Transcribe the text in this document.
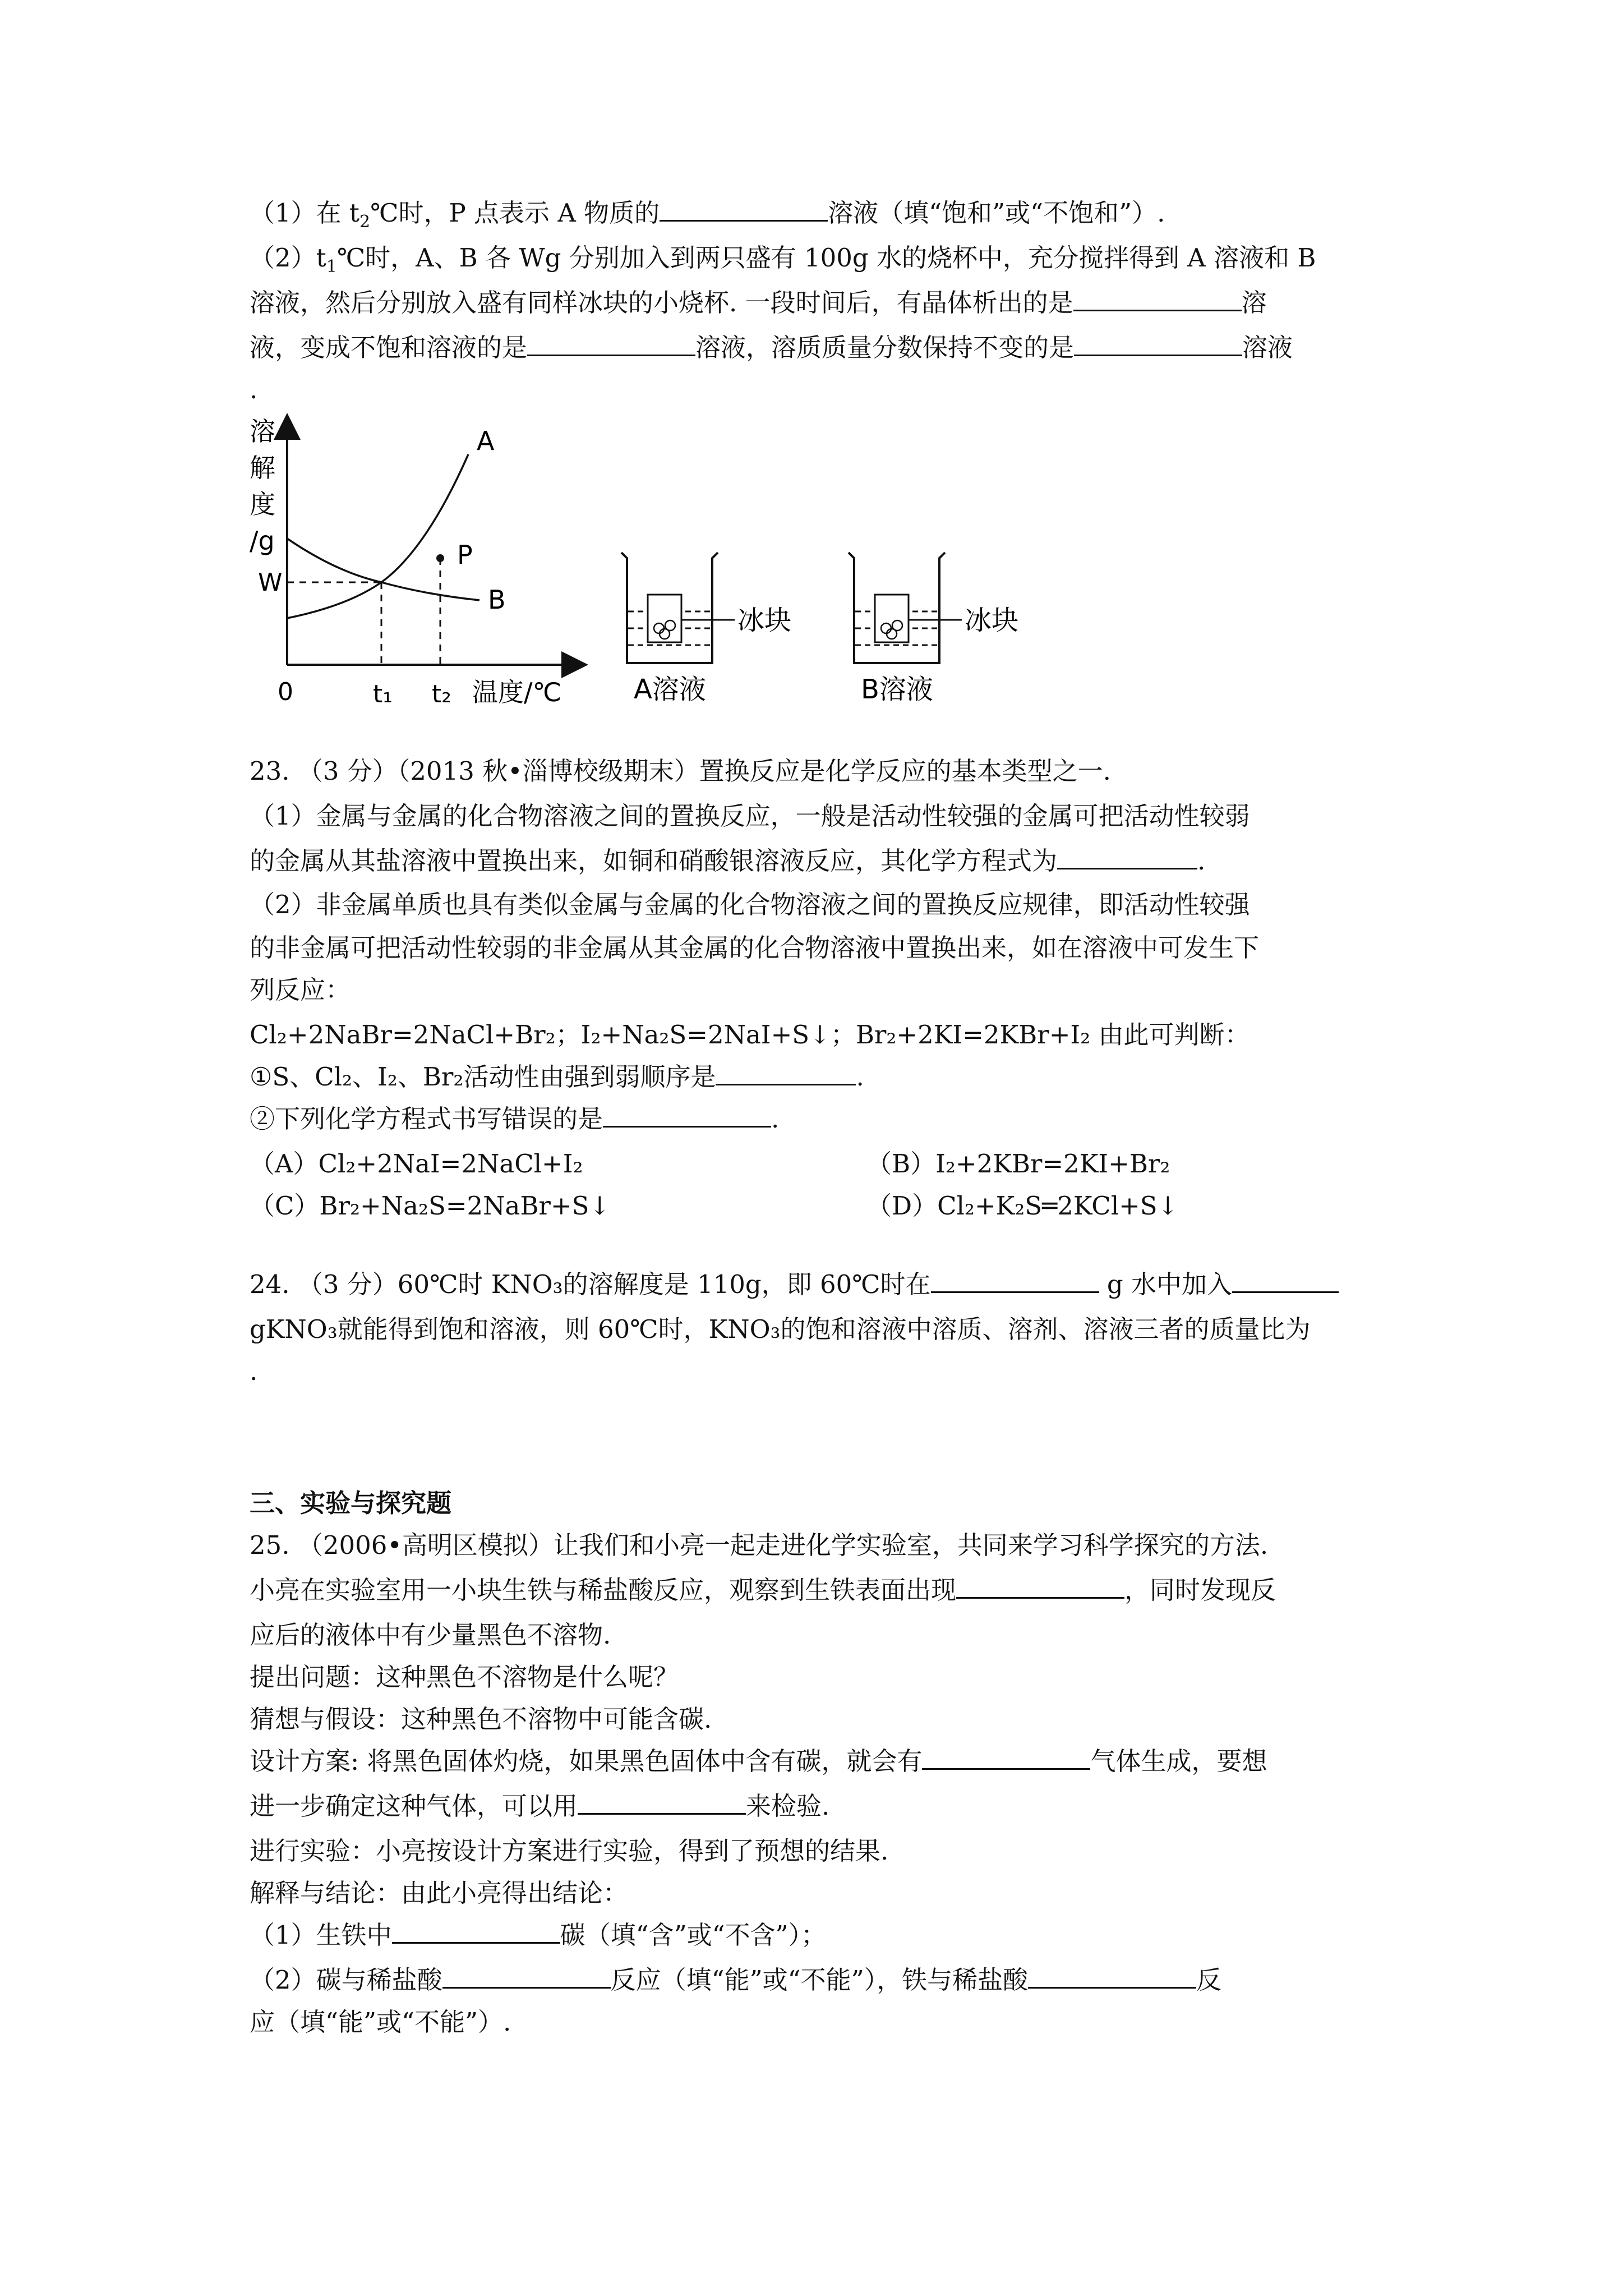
（1）在 $t_2℃$时，P 点表示 A 物质的	溶液（填“饱和”或“不饱和”）.
$(2)t_1℃$时，A、B 各 Wg 分别加入到两只盛有 100g 水的烧杯中，充分搅拌得到 A 溶液和 B
溶液，然后分别放入盛有同样冰块的小烧杯. 一段时间后，有晶体析出的是	溶
液，变成不饱和溶液的是	溶液，溶质质量分数保持不变的是	溶液
.
溶
解
度
/g
W
A
B
P
0	t₁ t₂ 温度/℃
冰块
A溶液
冰块
B溶液
23. （3 分）（2013 秋•淄博校级期末）置换反应是化学反应的基本类型之一.
（1）金属与金属的化合物溶液之间的置换反应，一般是活动性较强的金属可把活动性较弱
的金属从其盐溶液中置换出来，如铜和硝酸银溶液反应，其化学方程式为	.
（2）非金属单质也具有类似金属与金属的化合物溶液之间的置换反应规律，即活动性较强
的非金属可把活动性较弱的非金属从其金属的化合物溶液中置换出来，如在溶液中可发生下
列反应：
Cl₂+2NaBr=2NaCl+Br₂；I₂+Na₂S=2NaI+S↓；Br₂+2KI=2KBr+I₂ 由此可判断：
①S、Cl₂、I₂、Br₂活动性由强到弱顺序是	.
②下列化学方程式书写错误的是	.
（A）Cl₂+2NaI=2NaCl+I₂	（B）I₂+2KBr=2KI+Br₂
（C）Br₂+Na₂S=2NaBr+S↓	（D）Cl₂+K₂S═2KCl+S↓
24. （3 分）60℃时 KNO₃的溶解度是 110g，即 60℃时在	g 水中加入
gKNO₃就能得到饱和溶液，则 60℃时，KNO₃的饱和溶液中溶质、溶剂、溶液三者的质量比为
.
三、实验与探究题
25. （2006•高明区模拟）让我们和小亮一起走进化学实验室，共同来学习科学探究的方法.
小亮在实验室用一小块生铁与稀盐酸反应，观察到生铁表面出现	，同时发现反
应后的液体中有少量黑色不溶物.
提出问题：这种黑色不溶物是什么呢？
猜想与假设：这种黑色不溶物中可能含碳.
设计方案: 将黑色固体灼烧，如果黑色固体中含有碳，就会有	气体生成，要想
进一步确定这种气体，可以用	来检验.
进行实验：小亮按设计方案进行实验，得到了预想的结果.
解释与结论：由此小亮得出结论：
（1）生铁中	碳（填“含”或“不含”）；
（2）碳与稀盐酸	反应（填“能”或“不能”），铁与稀盐酸	反
应（填“能”或“不能”）.
